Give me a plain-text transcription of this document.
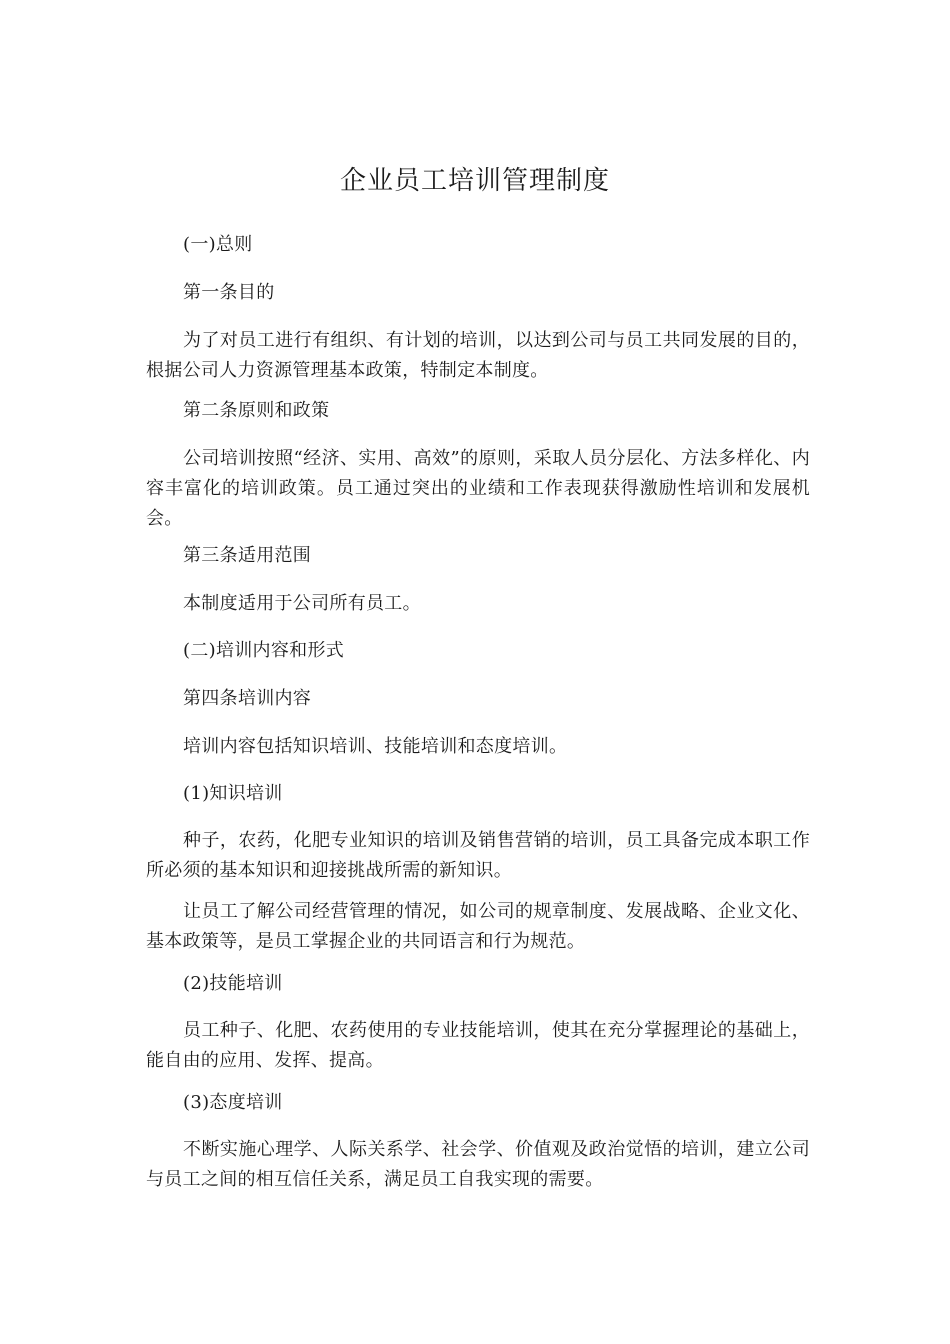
企业员工培训管理制度

(一)总则

第一条目的

为了对员工进行有组织、有计划的培训，以达到公司与员工共同发展的目的，根据公司人力资源管理基本政策，特制定本制度。

第二条原则和政策

公司培训按照“经济、实用、高效”的原则，采取人员分层化、方法多样化、内容丰富化的培训政策。员工通过突出的业绩和工作表现获得激励性培训和发展机会。

第三条适用范围

本制度适用于公司所有员工。

(二)培训内容和形式

第四条培训内容

培训内容包括知识培训、技能培训和态度培训。

(1)知识培训

种子，农药，化肥专业知识的培训及销售营销的培训，员工具备完成本职工作所必须的基本知识和迎接挑战所需的新知识。

让员工了解公司经营管理的情况，如公司的规章制度、发展战略、企业文化、基本政策等，是员工掌握企业的共同语言和行为规范。

(2)技能培训

员工种子、化肥、农药使用的专业技能培训，使其在充分掌握理论的基础上，能自由的应用、发挥、提高。

(3)态度培训

不断实施心理学、人际关系学、社会学、价值观及政治觉悟的培训，建立公司与员工之间的相互信任关系，满足员工自我实现的需要。
